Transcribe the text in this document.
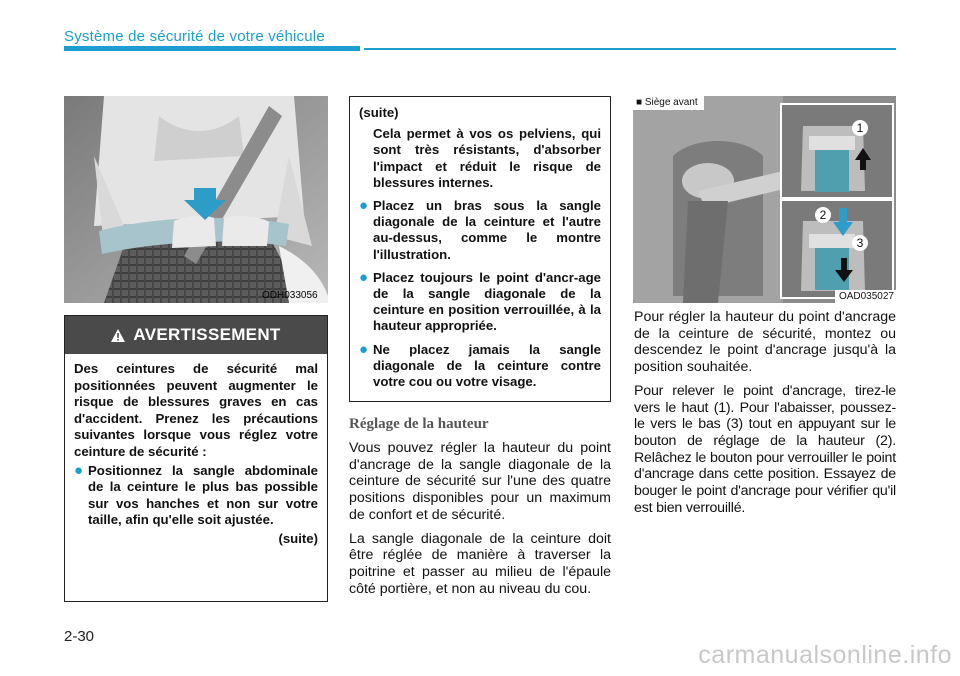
Système de sécurité de votre véhicule
ODH033056
AVERTISSEMENT
Des ceintures de sécurité mal positionnées peuvent augmenter le risque de blessures graves en cas d'accident. Prenez les précautions suivantes lorsque vous réglez votre ceinture de sécurité :
● Positionnez la sangle abdominale de la ceinture le plus bas possible sur vos hanches et non sur votre taille, afin qu'elle soit ajustée.
(suite)
(suite)
Cela permet à vos os pelviens, qui sont très résistants, d'absorber l'impact et réduit le risque de blessures internes.
● Placez un bras sous la sangle diagonale de la ceinture et l'autre au-dessus, comme le montre l'illustration.
● Placez toujours le point d'ancr-age de la sangle diagonale de la ceinture en position verrouillée, à la hauteur appropriée.
● Ne placez jamais la sangle diagonale de la ceinture contre votre cou ou votre visage.
Réglage de la hauteur

Vous pouvez régler la hauteur du point d'ancrage de la sangle diagonale de la ceinture de sécurité sur l'une des quatre positions disponibles pour un maximum de confort et de sécurité.

La sangle diagonale de la ceinture doit être réglée de manière à traverser la poitrine et passer au milieu de l'épaule côté portière, et non au niveau du cou.

■ Siège avant
1
2
3
OAD035027

Pour régler la hauteur du point d'ancrage de la ceinture de sécurité, montez ou descendez le point d'ancrage jusqu'à la position souhaitée.

Pour relever le point d'ancrage, tirez-le vers le haut (1). Pour l'abaisser, poussez-le vers le bas (3) tout en appuyant sur le bouton de réglage de la hauteur (2). Relâchez le bouton pour verrouiller le point d'ancrage dans cette position. Essayez de bouger le point d'ancrage pour vérifier qu'il est bien verrouillé.

2-30
carmanualsonline.info
